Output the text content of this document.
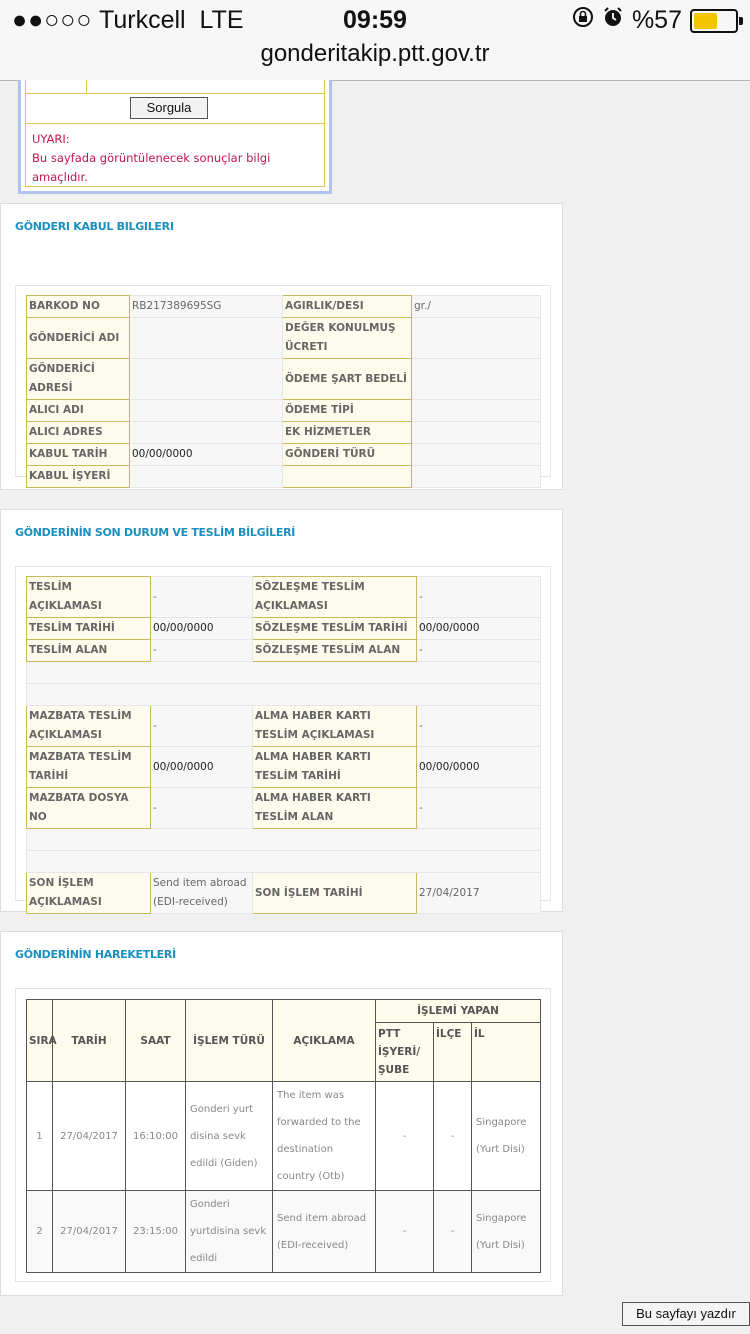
●●○○○ Turkcell LTE	09:59	%57
gonderitakip.ptt.gov.tr
Sorgula
UYARI:
Bu sayfada görüntülenecek sonuçlar bilgi amaçlıdır.
GÖNDERI KABUL BILGILERI
BARKOD NO	RB217389695SG	AGIRLIK/DESI	gr./
GÖNDERİCİ ADI		DEĞER KONULMUŞ ÜCRETI	
GÖNDERİCİ ADRESİ		ÖDEME ŞART BEDELİ	
ALICI ADI		ÖDEME TİPİ	
ALICI ADRES		EK HİZMETLER	
KABUL TARİH	00/00/0000	GÖNDERİ TÜRÜ	
KABUL İŞYERİ			
GÖNDERİNİN SON DURUM VE TESLİM BİLGİLERİ
TESLİM AÇIKLAMASI	-	SÖZLEŞME TESLİM AÇIKLAMASI	-
TESLİM TARİHİ	00/00/0000	SÖZLEŞME TESLİM TARİHİ	00/00/0000
TESLİM ALAN	-	SÖZLEŞME TESLİM ALAN	-

MAZBATA TESLİM AÇIKLAMASI	-	ALMA HABER KARTI TESLİM AÇIKLAMASI	-
MAZBATA TESLİM TARİHİ	00/00/0000	ALMA HABER KARTI TESLİM TARİHİ	00/00/0000
MAZBATA DOSYA NO	-	ALMA HABER KARTI TESLİM ALAN	-

SON İŞLEM AÇIKLAMASI	Send item abroad (EDI-received)	SON İŞLEM TARİHİ	27/04/2017
GÖNDERİNİN HAREKETLERİ
SIRA	TARİH	SAAT	İŞLEM TÜRÜ	AÇIKLAMA	İŞLEMİ YAPAN		
					PTT İŞYERİ/ ŞUBE	İLÇE	İL
1	27/04/2017	16:10:00	Gonderi yurt disina sevk edildi (Giden)	The item was forwarded to the destination country (Otb)	-	-	Singapore (Yurt Disi)
2	27/04/2017	23:15:00	Gonderi yurtdisina sevk edildi	Send item abroad (EDI-received)	-	-	Singapore (Yurt Disi)
Bu sayfayı yazdır
